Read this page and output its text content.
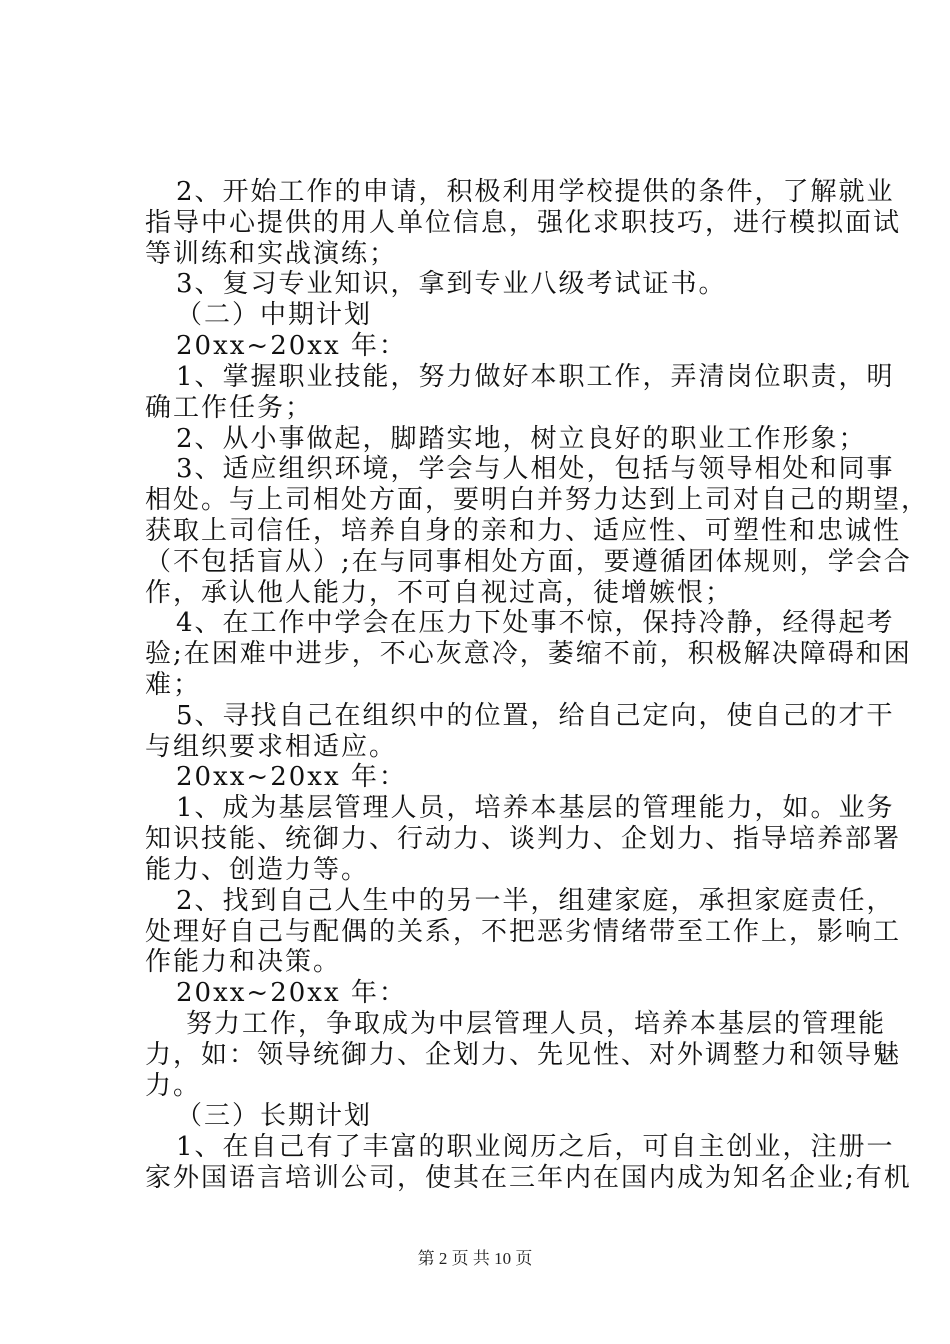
2、开始工作的申请，积极利用学校提供的条件，了解就业
指导中心提供的用人单位信息，强化求职技巧，进行模拟面试
等训练和实战演练；
3、复习专业知识，拿到专业八级考试证书。
（二）中期计划
20xx~20xx 年：
1、掌握职业技能，努力做好本职工作，弄清岗位职责，明
确工作任务；
2、从小事做起，脚踏实地，树立良好的职业工作形象；
3、适应组织环境，学会与人相处，包括与领导相处和同事
相处。与上司相处方面，要明白并努力达到上司对自己的期望，
获取上司信任，培养自身的亲和力、适应性、可塑性和忠诚性
（不包括盲从）;在与同事相处方面，要遵循团体规则，学会合
作，承认他人能力，不可自视过高，徒增嫉恨；
4、在工作中学会在压力下处事不惊，保持冷静，经得起考
验;在困难中进步，不心灰意冷，萎缩不前，积极解决障碍和困
难；
5、寻找自己在组织中的位置，给自己定向，使自己的才干
与组织要求相适应。
20xx~20xx 年：
1、成为基层管理人员，培养本基层的管理能力，如。业务
知识技能、统御力、行动力、谈判力、企划力、指导培养部署
能力、创造力等。
2、找到自己人生中的另一半，组建家庭，承担家庭责任，
处理好自己与配偶的关系，不把恶劣情绪带至工作上，影响工
作能力和决策。
20xx~20xx 年：
努力工作，争取成为中层管理人员，培养本基层的管理能
力，如：领导统御力、企划力、先见性、对外调整力和领导魅
力。
（三）长期计划
1、在自己有了丰富的职业阅历之后，可自主创业，注册一
家外国语言培训公司，使其在三年内在国内成为知名企业;有机
第 2 页 共 10 页
